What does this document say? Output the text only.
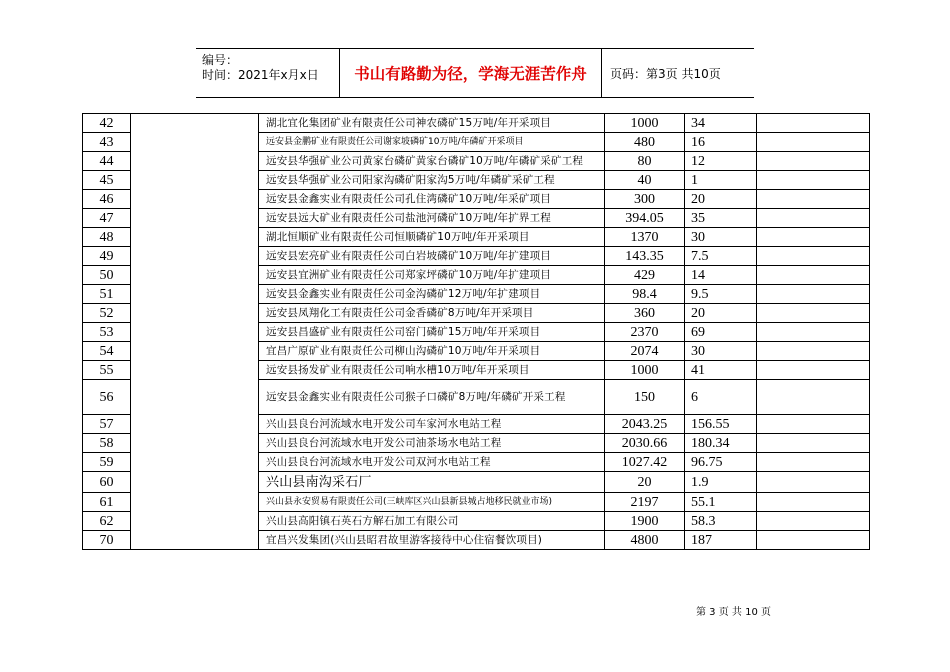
编号：
时间：2021年x月x日	书山有路勤为径，学海无涯苦作舟	页码：第3页 共10页
42		湖北宜化集团矿业有限责任公司神农磷矿15万吨/年开采项目	1000	34	
43		远安县金鹏矿业有限责任公司谢家坡磷矿10万吨/年磷矿开采项目	480	16	
44		远安县华强矿业公司黄家台磷矿黄家台磷矿10万吨/年磷矿采矿工程	80	12	
45		远安县华强矿业公司阳家沟磷矿阳家沟5万吨/年磷矿采矿工程	40	1	
46		远安县金鑫实业有限责任公司孔住湾磷矿10万吨/年采矿项目	300	20	
47		远安县远大矿业有限责任公司盐池河磷矿10万吨/年扩界工程	394.05	35	
48		湖北恒顺矿业有限责任公司恒顺磷矿10万吨/年开采项目	1370	30	
49		远安县宏亮矿业有限责任公司白岩坡磷矿10万吨/年扩建项目	143.35	7.5	
50		远安县宜洲矿业有限责任公司郑家坪磷矿10万吨/年扩建项目	429	14	
51		远安县金鑫实业有限责任公司金沟磷矿12万吨/年扩建项目	98.4	9.5	
52		远安县凤翔化工有限责任公司金香磷矿8万吨/年开采项目	360	20	
53		远安县昌盛矿业有限责任公司窑门磷矿15万吨/年开采项目	2370	69	
54		宜昌广原矿业有限责任公司柳山沟磷矿10万吨/年开采项目	2074	30	
55		远安县扬发矿业有限责任公司响水槽10万吨/年开采项目	1000	41	
56		远安县金鑫实业有限责任公司猴子口磷矿8万吨/年磷矿开采工程	150	6	
57		兴山县良台河流域水电开发公司车家河水电站工程	2043.25	156.55	
58		兴山县良台河流域水电开发公司油茶场水电站工程	2030.66	180.34	
59		兴山县良台河流域水电开发公司双河水电站工程	1027.42	96.75	
60		兴山县南沟采石厂	20	1.9	
61		兴山县永安贸易有限责任公司(三峡库区兴山县新县城占地移民就业市场)	2197	55.1	
62		兴山县高阳镇石英石方解石加工有限公司	1900	58.3	
70		宜昌兴发集团(兴山县昭君故里游客接待中心住宿餐饮项目)	4800	187	
第 3 页 共 10 页
